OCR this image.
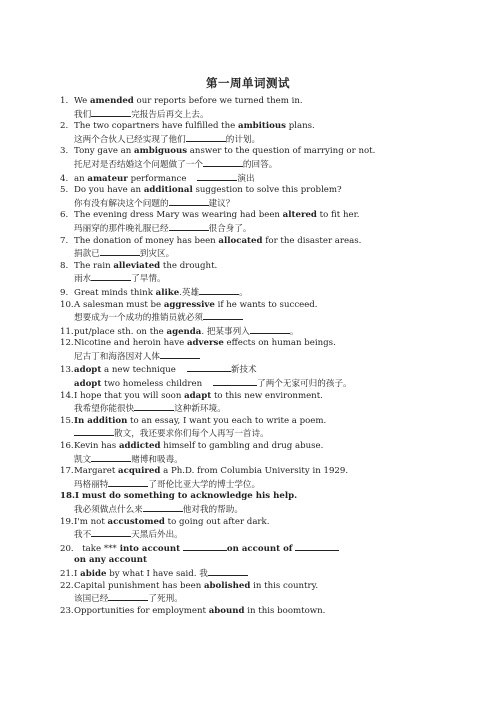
第一周单词测试
1. We amended our reports before we turned them in.
我们	完报告后再交上去。
2. The two copartners have fulfilled the ambitious plans.
这两个合伙人已经实现了他们	的计划。
3. Tony gave an ambiguous answer to the question of marrying or not.
托尼对是否结婚这个问题做了一个	的回答。
4. an amateur performance	演出
5. Do you have an additional suggestion to solve this problem?
你有没有解决这个问题的	建议？
6. The evening dress Mary was wearing had been altered to fit her.
玛丽穿的那件晚礼服已经	很合身了。
7. The donation of money has been allocated for the disaster areas.
捐款已	到灾区。
8. The rain alleviated the drought.
雨水	了旱情。
9. Great minds think alike.英雄	。
10.A salesman must be aggressive if he wants to succeed.
想要成为一个成功的推销员就必须
11.put/place sth. on the agenda. 把某事列入	。
12.Nicotine and heroin have adverse effects on human beings.
尼古丁和海洛因对人体
13.adopt a new technique	新技术
adopt two homeless children	了两个无家可归的孩子。
14.I hope that you will soon adapt to this new environment.
我希望你能很快	这种新环境。
15.In addition to an essay, I want you each to write a poem.
散文，我还要求你们每个人再写一首诗。
16.Kevin has addicted himself to gambling and drug abuse.
凯文	赌博和吸毒。
17.Margaret acquired a Ph.D. from Columbia University in 1929.
玛格丽特	了哥伦比亚大学的博士学位。
18.I must do something to acknowledge his help.
我必须做点什么来	他对我的帮助。
19.I'm not accustomed to going out after dark.
我不	天黑后外出。
20. take *** into account	on account of
on any account
21.I abide by what I have said. 我
22.Capital punishment has been abolished in this country.
该国已经	了死刑。
23.Opportunities for employment abound in this boomtown.
